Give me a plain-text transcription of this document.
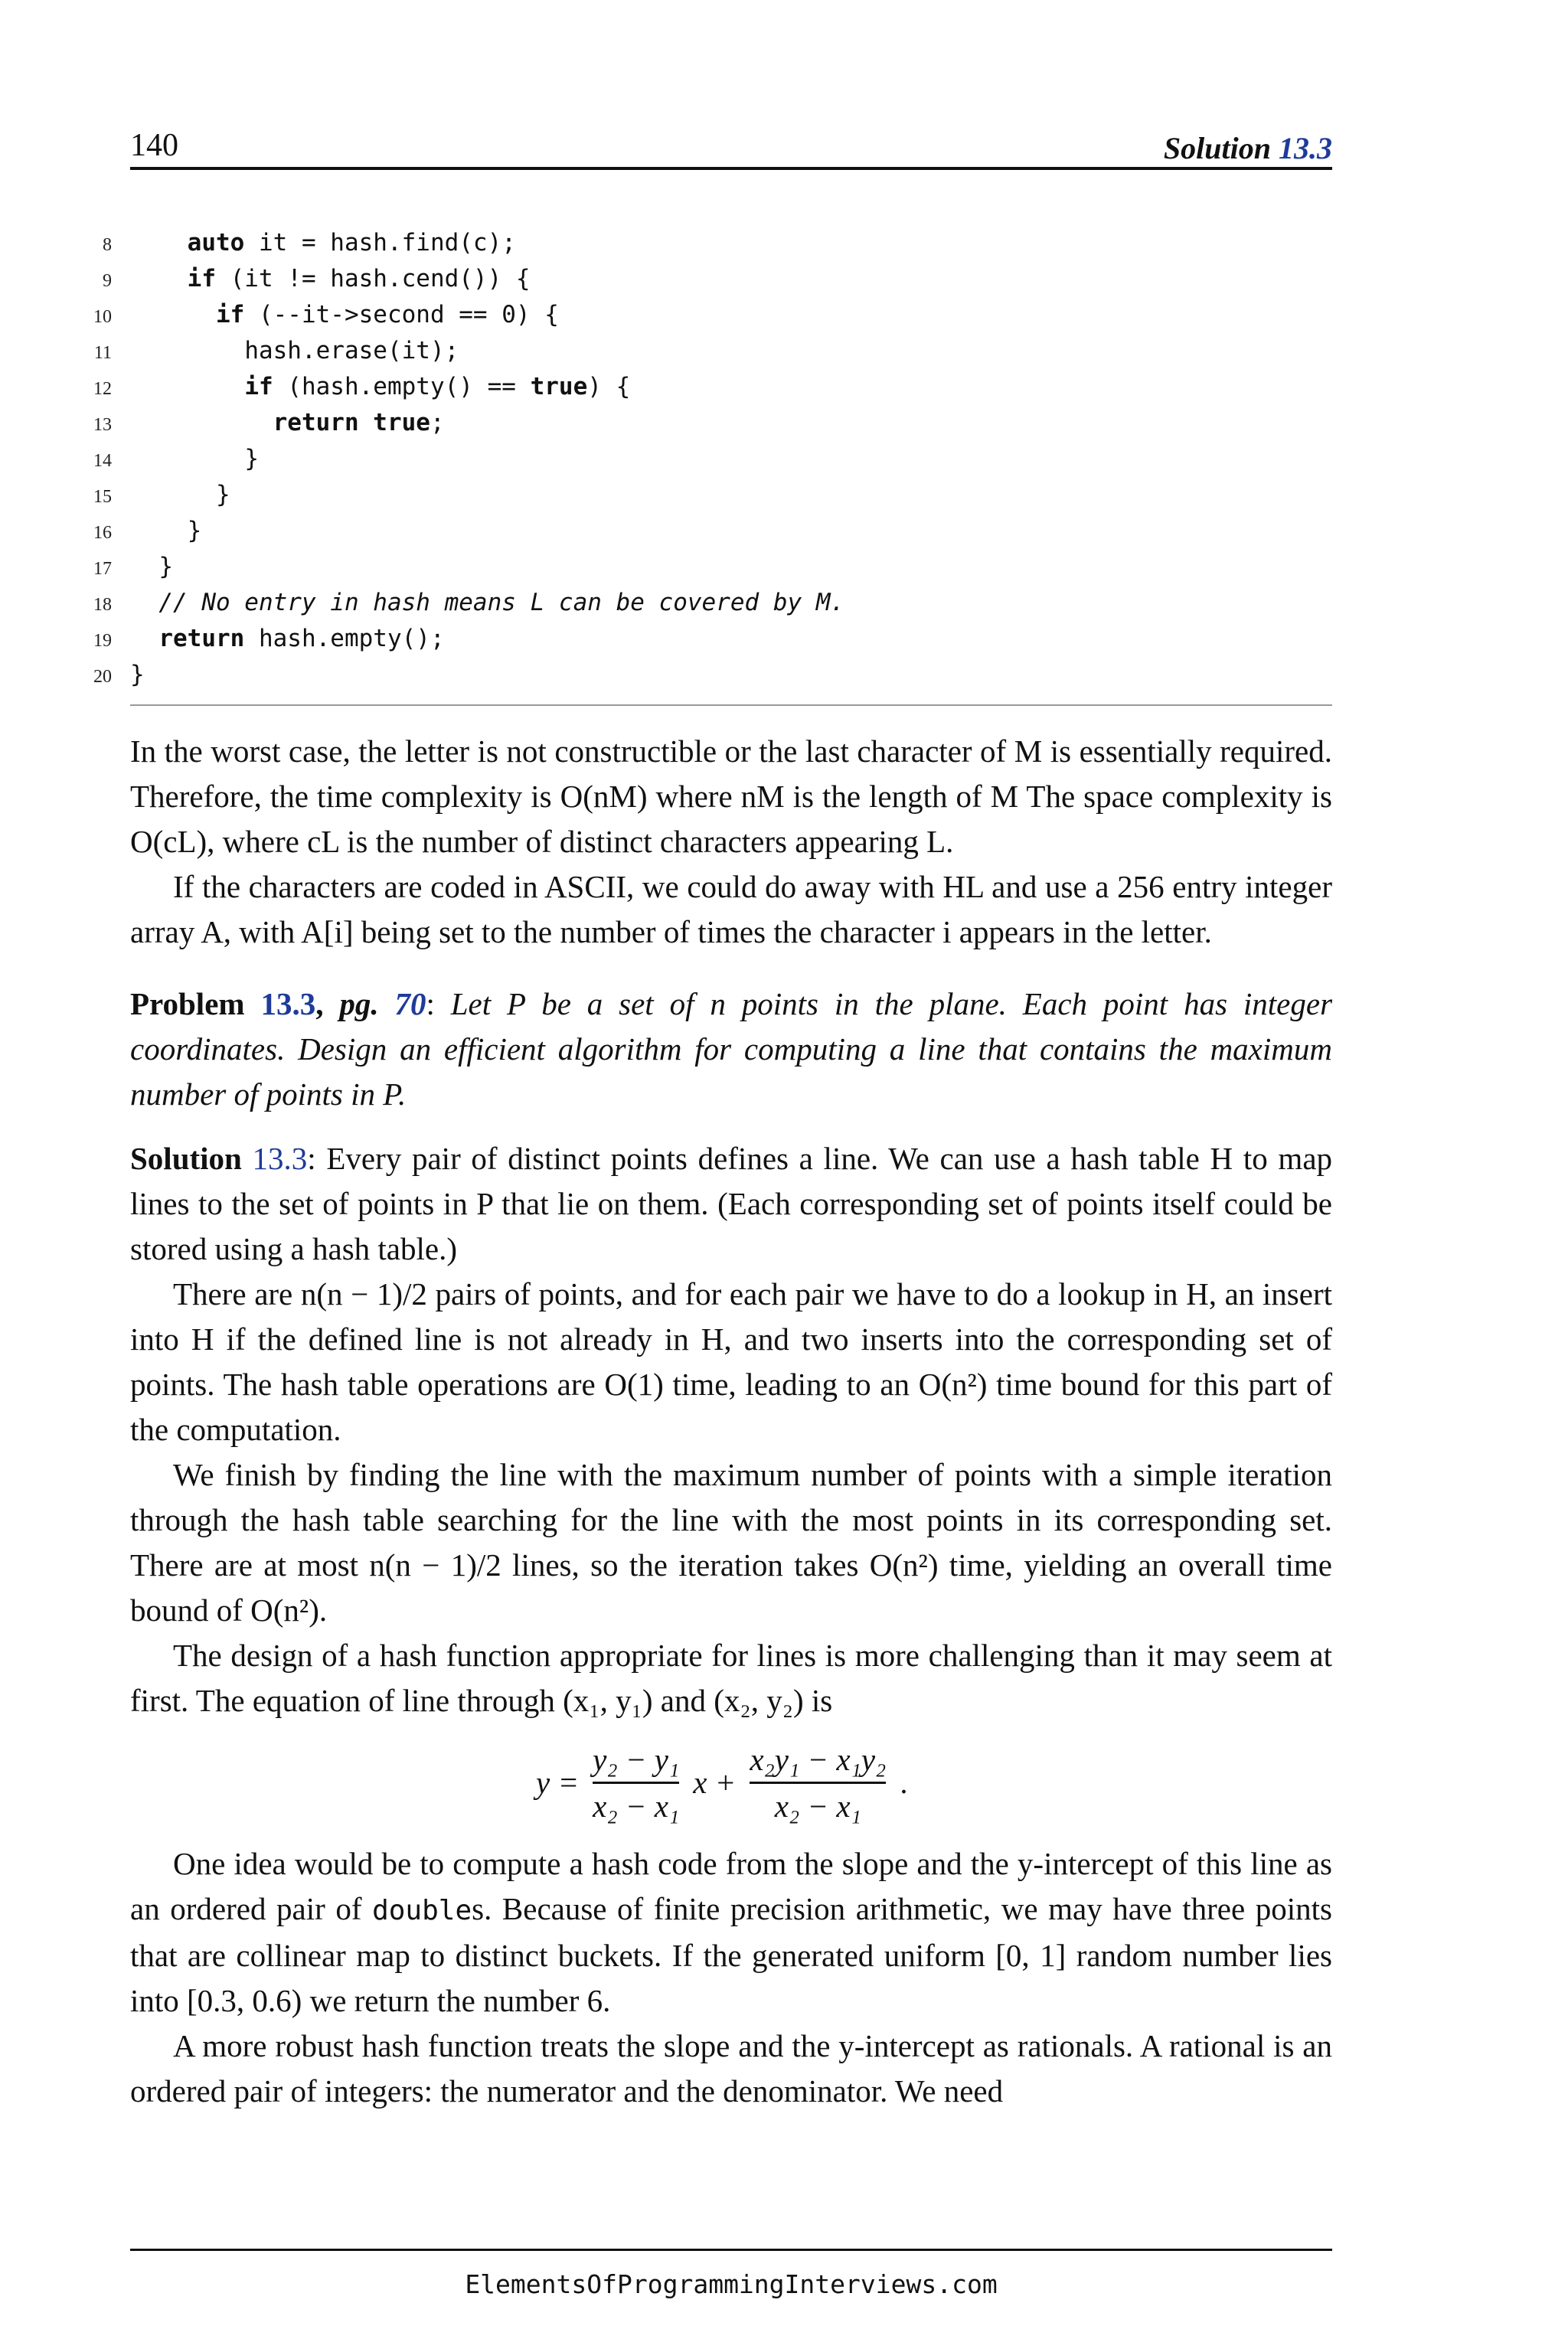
140	Solution 13.3
8	auto it = hash.find(c);
9	if (it != hash.cend()) {
10	if (--it->second == 0) {
11	hash.erase(it);
12	if (hash.empty() == true) {
13	return true;
14	}
15	}
16	}
17 }
18 // No entry in hash means L can be covered by M.
19 return hash.empty();
20 }

In the worst case, the letter is not constructible or the last character of M is essentially required. Therefore, the time complexity is O(nM) where nM is the length of M The space complexity is O(cL), where cL is the number of distinct characters appearing L.

If the characters are coded in ASCII, we could do away with HL and use a 256 entry integer array A, with A[i] being set to the number of times the character i appears in the letter.

Problem 13.3, pg. 70: Let P be a set of n points in the plane. Each point has integer coordinates. Design an efficient algorithm for computing a line that contains the maximum number of points in P.

Solution 13.3: Every pair of distinct points defines a line. We can use a hash table H to map lines to the set of points in P that lie on them. (Each corresponding set of points itself could be stored using a hash table.)

There are n(n − 1)/2 pairs of points, and for each pair we have to do a lookup in H, an insert into H if the defined line is not already in H, and two inserts into the corresponding set of points. The hash table operations are O(1) time, leading to an O(n²) time bound for this part of the computation.

We finish by finding the line with the maximum number of points with a simple iteration through the hash table searching for the line with the most points in its corresponding set. There are at most n(n − 1)/2 lines, so the iteration takes O(n²) time, yielding an overall time bound of O(n²).

The design of a hash function appropriate for lines is more challenging than it may seem at first. The equation of line through (x₁, y₁) and (x₂, y₂) is

$y = \frac{\text{y₂ − y₁}}{\text{x₂ − x₁}}$ $x + \frac{\text{x₂y₁ − x₁y₂}}{\text{x₂ − x₁}}$ .

One idea would be to compute a hash code from the slope and the y-intercept of this line as an ordered pair of doubles. Because of finite precision arithmetic, we may have three points that are collinear map to distinct buckets. If the generated uniform [0, 1] random number lies into [0.3, 0.6) we return the number 6.

A more robust hash function treats the slope and the y-intercept as rationals. A rational is an ordered pair of integers: the numerator and the denominator. We need

ElementsOfProgrammingInterviews.com
